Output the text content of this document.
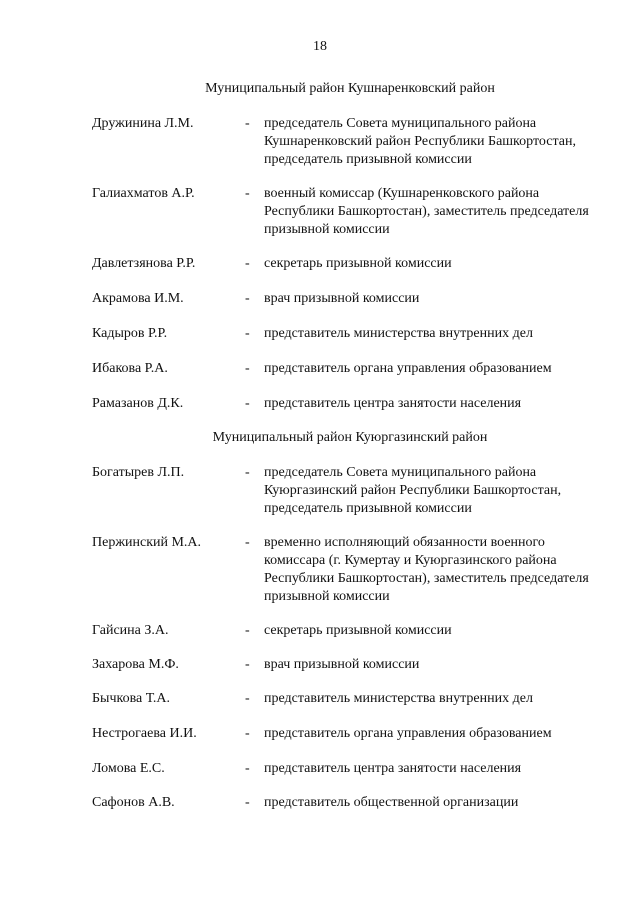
18
Муниципальный район Кушнаренковский район
Дружинина Л.М.	- председатель Совета муниципального района Кушнаренковский район Республики Башкортостан, председатель призывной комиссии
Галиахматов А.Р.	- военный комиссар (Кушнаренковского района Республики Башкортостан), заместитель председателя призывной комиссии
Давлетзянова Р.Р.	- секретарь призывной комиссии
Акрамова И.М.	- врач призывной комиссии
Кадыров Р.Р.	- представитель министерства внутренних дел
Ибакова Р.А.	- представитель органа управления образованием
Рамазанов Д.К.	- представитель центра занятости населения
Муниципальный район Куюргазинский район
Богатырев Л.П.	- председатель Совета муниципального района Куюргазинский район Республики Башкортостан, председатель призывной комиссии
Пержинский М.А.	- временно исполняющий обязанности военного комиссара (г. Кумертау и Куюргазинского района Республики Башкортостан), заместитель председателя призывной комиссии
Гайсина З.А.	- секретарь призывной комиссии
Захарова М.Ф.	- врач призывной комиссии
Бычкова Т.А.	- представитель министерства внутренних дел
Нестрогаева И.И.	- представитель органа управления образованием
Ломова Е.С.	- представитель центра занятости населения
Сафонов А.В.	- представитель общественной организации
